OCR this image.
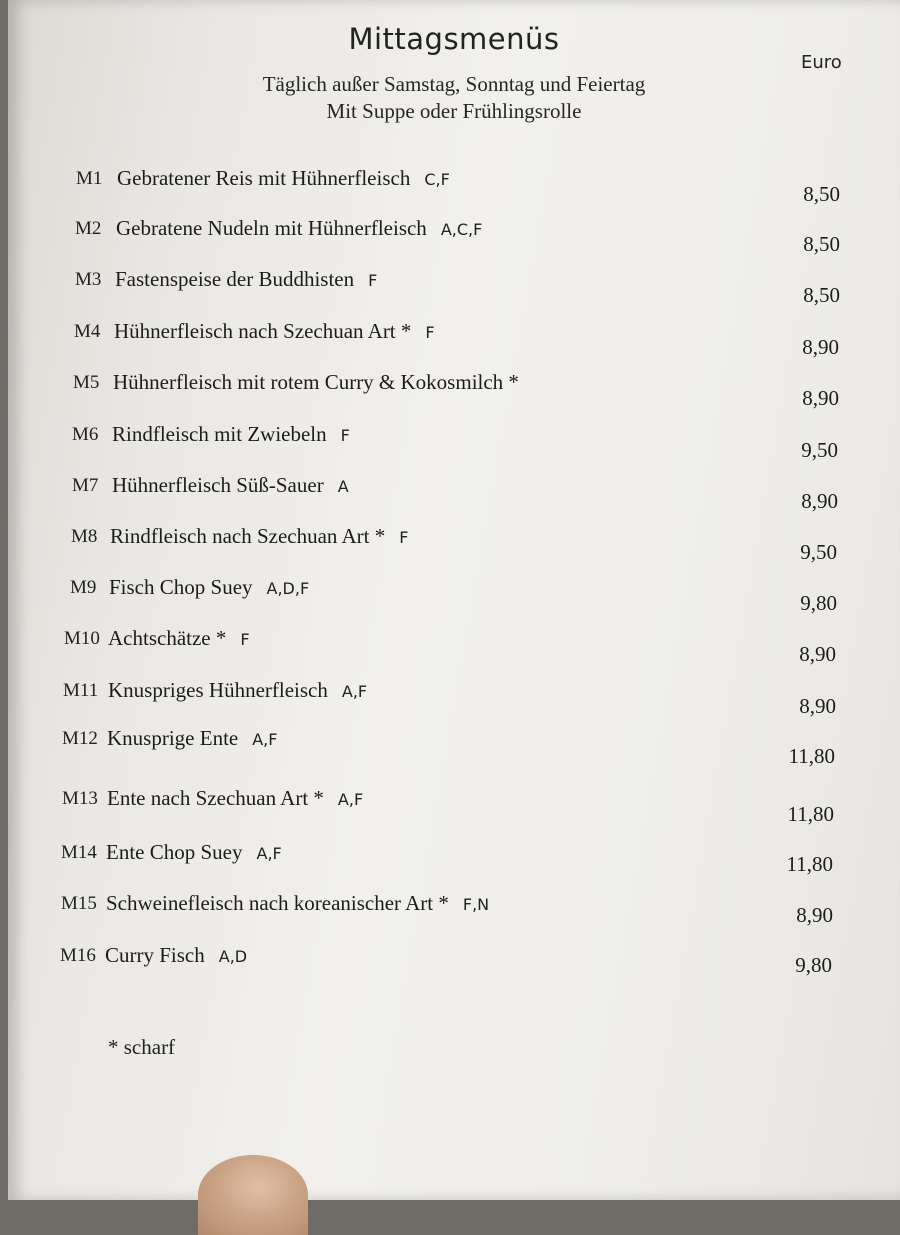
Mittagsmenüs
Täglich außer Samstag, Sonntag und Feiertag
Mit Suppe oder Frühlingsrolle
Euro
M1 Gebratener Reis mit Hühnerfleisch C,F
8,50
M2 Gebratene Nudeln mit Hühnerfleisch A,C,F
8,50
M3 Fastenspeise der Buddhisten F
8,50
M4 Hühnerfleisch nach Szechuan Art * F
8,90
M5 Hühnerfleisch mit rotem Curry & Kokosmilch *
8,90
M6 Rindfleisch mit Zwiebeln F
9,50
M7 Hühnerfleisch Süß-Sauer A
8,90
M8 Rindfleisch nach Szechuan Art * F
9,50
M9 Fisch Chop Suey A,D,F
9,80
M10 Achtschätze * F
8,90
M11 Knuspriges Hühnerfleisch A,F
8,90
M12 Knusprige Ente A,F
11,80
M13 Ente nach Szechuan Art * A,F
11,80
M14 Ente Chop Suey A,F	11,80
M15 Schweinefleisch nach koreanischer Art * F,N	8,90
M16 Curry Fisch A,D	9,80
* scharf
